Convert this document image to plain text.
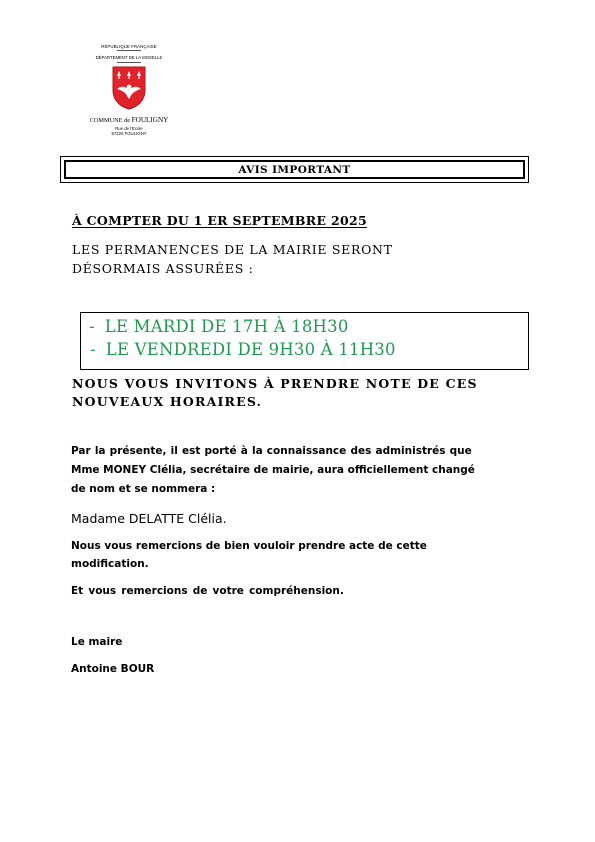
RÉPUBLIQUE FRANÇAISE
DÉPARTEMENT DE LA MOSELLE
COMMUNE de FOULIGNY
Rue de l'Ecole
57220 FOULIGNY
AVIS IMPORTANT
À COMPTER DU 1 ER SEPTEMBRE 2025
LES PERMANENCES DE LA MAIRIE SERONT
DÉSORMAIS ASSURÉES :
- LE MARDI DE 17H À 18H30
- LE VENDREDI DE 9H30 À 11H30
NOUS VOUS INVITONS À PRENDRE NOTE DE CES
NOUVEAUX HORAIRES.
Par la présente, il est porté à la connaissance des administrés que
Mme MONEY Clélia, secrétaire de mairie, aura officiellement changé
de nom et se nommera :
Madame DELATTE Clélia.
Nous vous remercions de bien vouloir prendre acte de cette
modification.
Et vous remercions de votre compréhension.
Le maire
Antoine BOUR
